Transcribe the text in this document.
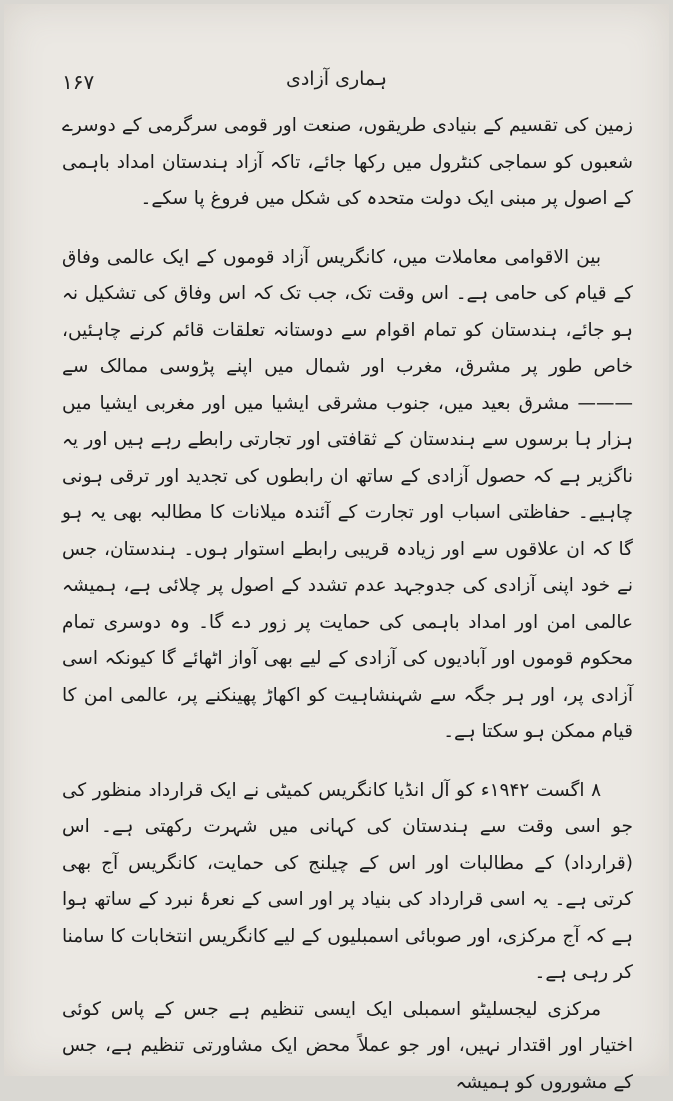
۱۶۷	ہماری آزادی

زمین کی تقسیم کے بنیادی طریقوں، صنعت اور قومی سرگرمی کے دوسرے شعبوں کو سماجی کنٹرول میں رکھا جائے، تاکہ آزاد ہندستان امداد باہمی کے اصول پر مبنی ایک دولت متحدہ کی شکل میں فروغ پا سکے۔

بین الاقوامی معاملات میں، کانگریس آزاد قوموں کے ایک عالمی وفاق کے قیام کی حامی ہے۔ اس وقت تک، جب تک کہ اس وفاق کی تشکیل نہ ہو جائے، ہندستان کو تمام اقوام سے دوستانہ تعلقات قائم کرنے چاہئیں، خاص طور پر مشرق، مغرب اور شمال میں اپنے پڑوسی ممالک سے ——— مشرق بعید میں، جنوب مشرقی ایشیا میں اور مغربی ایشیا میں ہزار ہا برسوں سے ہندستان کے ثقافتی اور تجارتی رابطے رہے ہیں اور یہ ناگزیر ہے کہ حصول آزادی کے ساتھ ان رابطوں کی تجدید اور ترقی ہونی چاہیے۔ حفاظتی اسباب اور تجارت کے آئندہ میلانات کا مطالبہ بھی یہ ہو گا کہ ان علاقوں سے اور زیادہ قریبی رابطے استوار ہوں۔ ہندستان، جس نے خود اپنی آزادی کی جدوجہد عدم تشدد کے اصول پر چلائی ہے، ہمیشہ عالمی امن اور امداد باہمی کی حمایت پر زور دے گا۔ وہ دوسری تمام محکوم قوموں اور آبادیوں کی آزادی کے لیے بھی آواز اٹھائے گا کیونکہ اسی آزادی پر، اور ہر جگہ سے شہنشاہیت کو اکھاڑ پھینکنے پر، عالمی امن کا قیام ممکن ہو سکتا ہے۔

۸ اگست ۱۹۴۲ء کو آل انڈیا کانگریس کمیٹی نے ایک قرارداد منظور کی جو اسی وقت سے ہندستان کی کہانی میں شہرت رکھتی ہے۔ اس (قرارداد) کے مطالبات اور اس کے چیلنج کی حمایت، کانگریس آج بھی کرتی ہے۔ یہ اسی قرارداد کی بنیاد پر اور اسی کے نعرۂ نبرد کے ساتھ ہوا ہے کہ آج مرکزی، اور صوبائی اسمبلیوں کے لیے کانگریس انتخابات کا سامنا کر رہی ہے۔

مرکزی لیجسلیٹو اسمبلی ایک ایسی تنظیم ہے جس کے پاس کوئی اختیار اور اقتدار نہیں، اور جو عملاً محض ایک مشاورتی تنظیم ہے، جس کے مشوروں کو ہمیشہ
